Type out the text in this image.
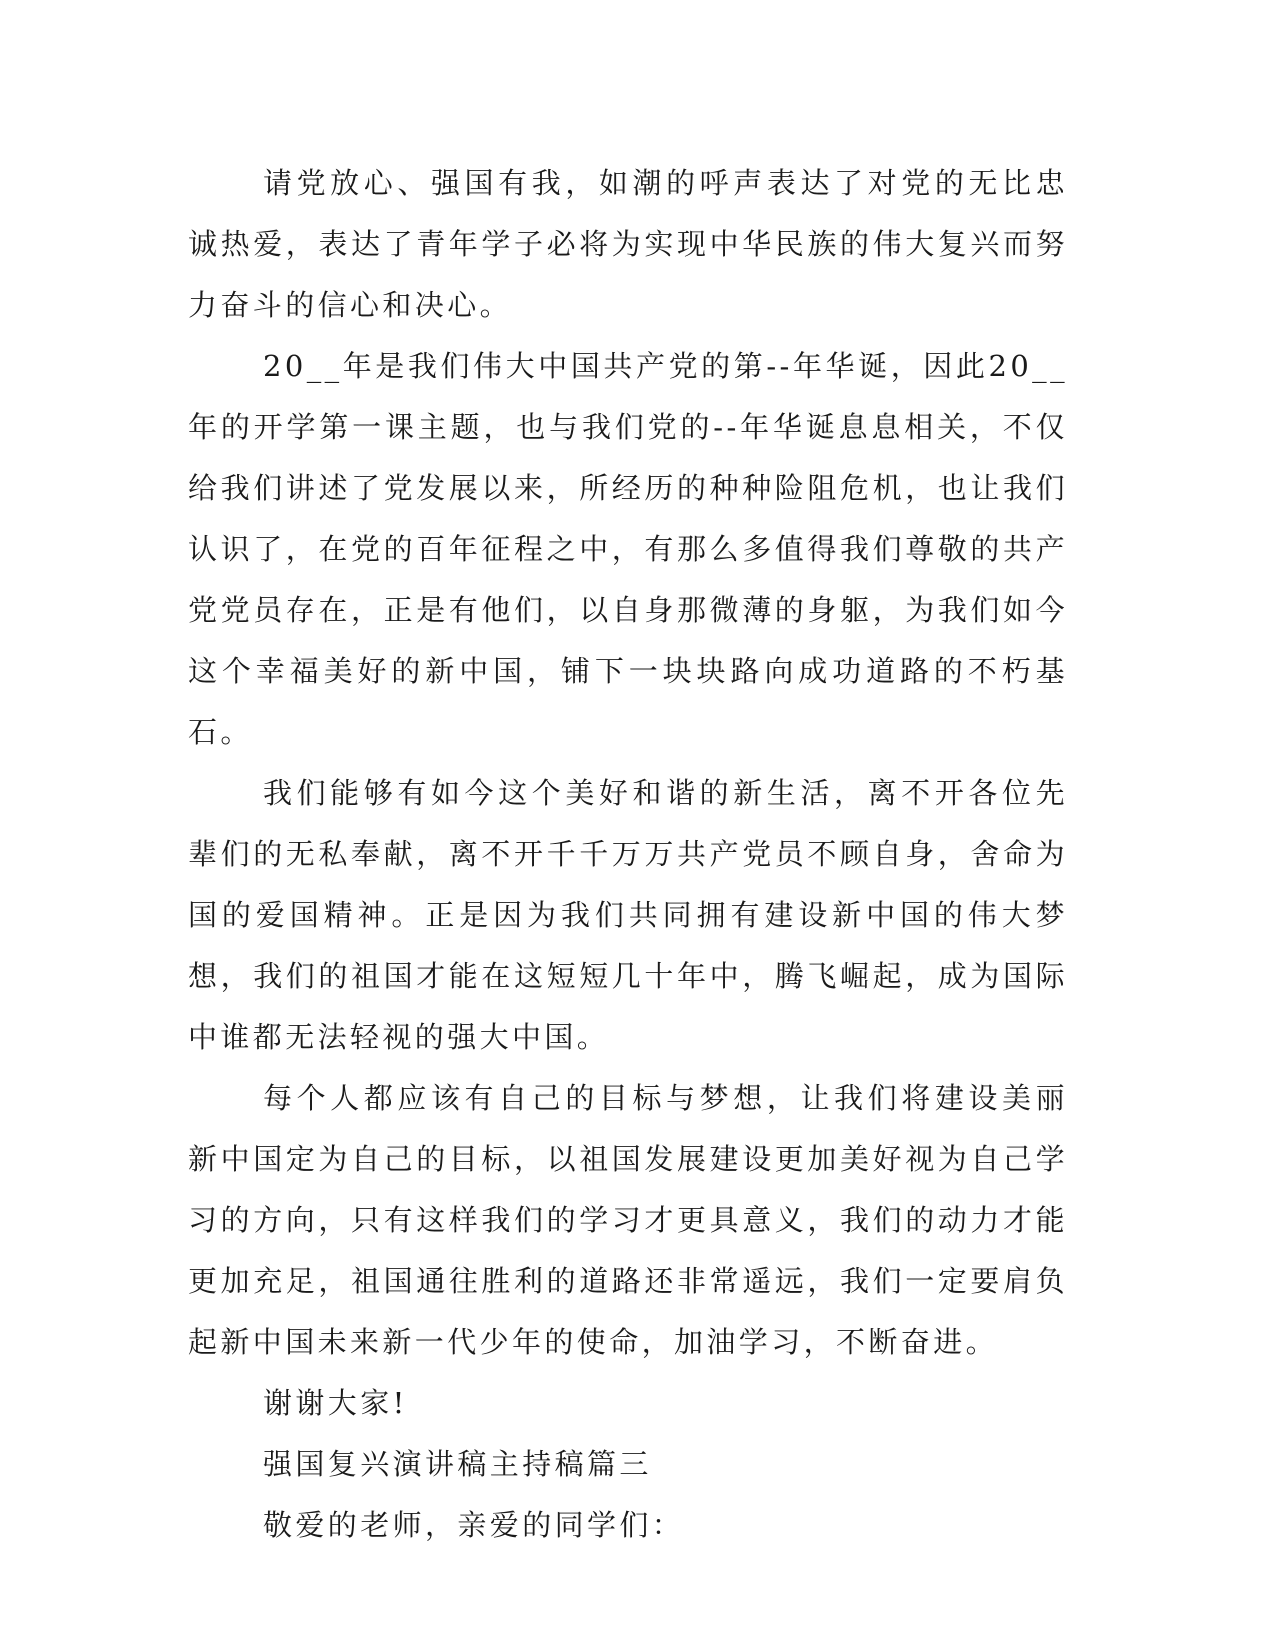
请党放心、强国有我，如潮的呼声表达了对党的无比忠诚热爱，表达了青年学子必将为实现中华民族的伟大复兴而努力奋斗的信心和决心。

20__年是我们伟大中国共产党的第--年华诞，因此20__年的开学第一课主题，也与我们党的--年华诞息息相关，不仅给我们讲述了党发展以来，所经历的种种险阻危机，也让我们认识了，在党的百年征程之中，有那么多值得我们尊敬的共产党党员存在，正是有他们，以自身那微薄的身躯，为我们如今这个幸福美好的新中国，铺下一块块路向成功道路的不朽基石。

我们能够有如今这个美好和谐的新生活，离不开各位先辈们的无私奉献，离不开千千万万共产党员不顾自身，舍命为国的爱国精神。正是因为我们共同拥有建设新中国的伟大梦想，我们的祖国才能在这短短几十年中，腾飞崛起，成为国际中谁都无法轻视的强大中国。

每个人都应该有自己的目标与梦想，让我们将建设美丽新中国定为自己的目标，以祖国发展建设更加美好视为自己学习的方向，只有这样我们的学习才更具意义，我们的动力才能更加充足，祖国通往胜利的道路还非常遥远，我们一定要肩负起新中国未来新一代少年的使命，加油学习，不断奋进。

谢谢大家!

强国复兴演讲稿主持稿篇三

敬爱的老师，亲爱的同学们：
